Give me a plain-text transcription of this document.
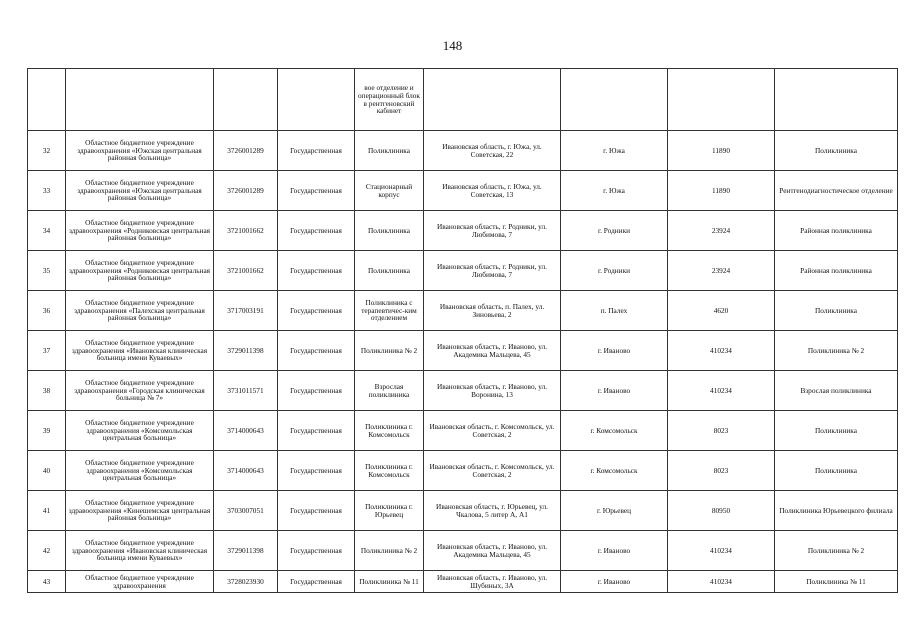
148
				вое отделение и операционный блок в рентгеновский кабинет				
32	Областное бюджетное учреждение здравоохранения «Южская центральная районная больница»	3726001289	Государственная	Поликлиника	Ивановская область, г. Южа, ул. Советская, 22	г. Южа	11890	Поликлиника
33	Областное бюджетное учреждение здравоохранения «Южская центральная районная больница»	3726001289	Государственная	Стационарный корпус	Ивановская область, г. Южа, ул. Советская, 13	г. Южа	11890	Рентгенодиагностическое отделение
34	Областное бюджетное учреждение здравоохранения «Родниковская центральная районная больница»	3721001662	Государственная	Поликлиника	Ивановская область, г. Родники, ул. Любимова, 7	г. Родники	23924	Районная поликлиника
35	Областное бюджетное учреждение здравоохранения «Родниковская центральная районная больница»	3721001662	Государственная	Поликлиника	Ивановская область, г. Родники, ул. Любимова, 7	г. Родники	23924	Районная поликлиника
36	Областное бюджетное учреждение здравоохранения «Палехская центральная районная больница»	3717003191	Государственная	Поликлиника с терапевтичес-ким отделением	Ивановская область, п. Палех, ул. Зиновьева, 2	п. Палех	4620	Поликлиника
37	Областное бюджетное учреждение здравоохранения «Ивановская клиническая больница имени Куваевых»	3729011398	Государственная	Поликлиника № 2	Ивановская область, г. Иваново, ул. Академика Мальцева, 45	г. Иваново	410234	Поликлиника № 2
38	Областное бюджетное учреждение здравоохранения «Городская клиническая больница № 7»	3731011571	Государственная	Взрослая поликлиника	Ивановская область, г. Иваново, ул. Воронина, 13	г. Иваново	410234	Взрослая поликлиника
39	Областное бюджетное учреждение здравоохранения «Комсомольская центральная больница»	3714000643	Государственная	Поликлиника г. Комсомольск	Ивановская область, г. Комсомольск, ул. Советская, 2	г. Комсомольск	8023	Поликлиника
40	Областное бюджетное учреждение здравоохранения «Комсомольская центральная больница»	3714000643	Государственная	Поликлиника г. Комсомольск	Ивановская область, г. Комсомольск, ул. Советская, 2	г. Комсомольск	8023	Поликлиника
41	Областное бюджетное учреждение здравоохранения «Кинешемская центральная районная больница»	3703007051	Государственная	Поликлиника г. Юрьевец	Ивановская область, г. Юрьевец, ул. Чкалова, 5 литер А, А1	г. Юрьевец	80950	Поликлиника Юрьевецкого филиала
42	Областное бюджетное учреждение здравоохранения «Ивановская клиническая больница имени Куваевых»	3729011398	Государственная	Поликлиника № 2	Ивановская область, г. Иваново, ул. Академика Мальцева, 45	г. Иваново	410234	Поликлиника № 2
43	Областное бюджетное учреждение здравоохранения	3728023930	Государственная	Поликлиника № 11	Ивановская область, г. Иваново, ул. Шубиных, 3А	г. Иваново	410234	Поликлиника № 11
